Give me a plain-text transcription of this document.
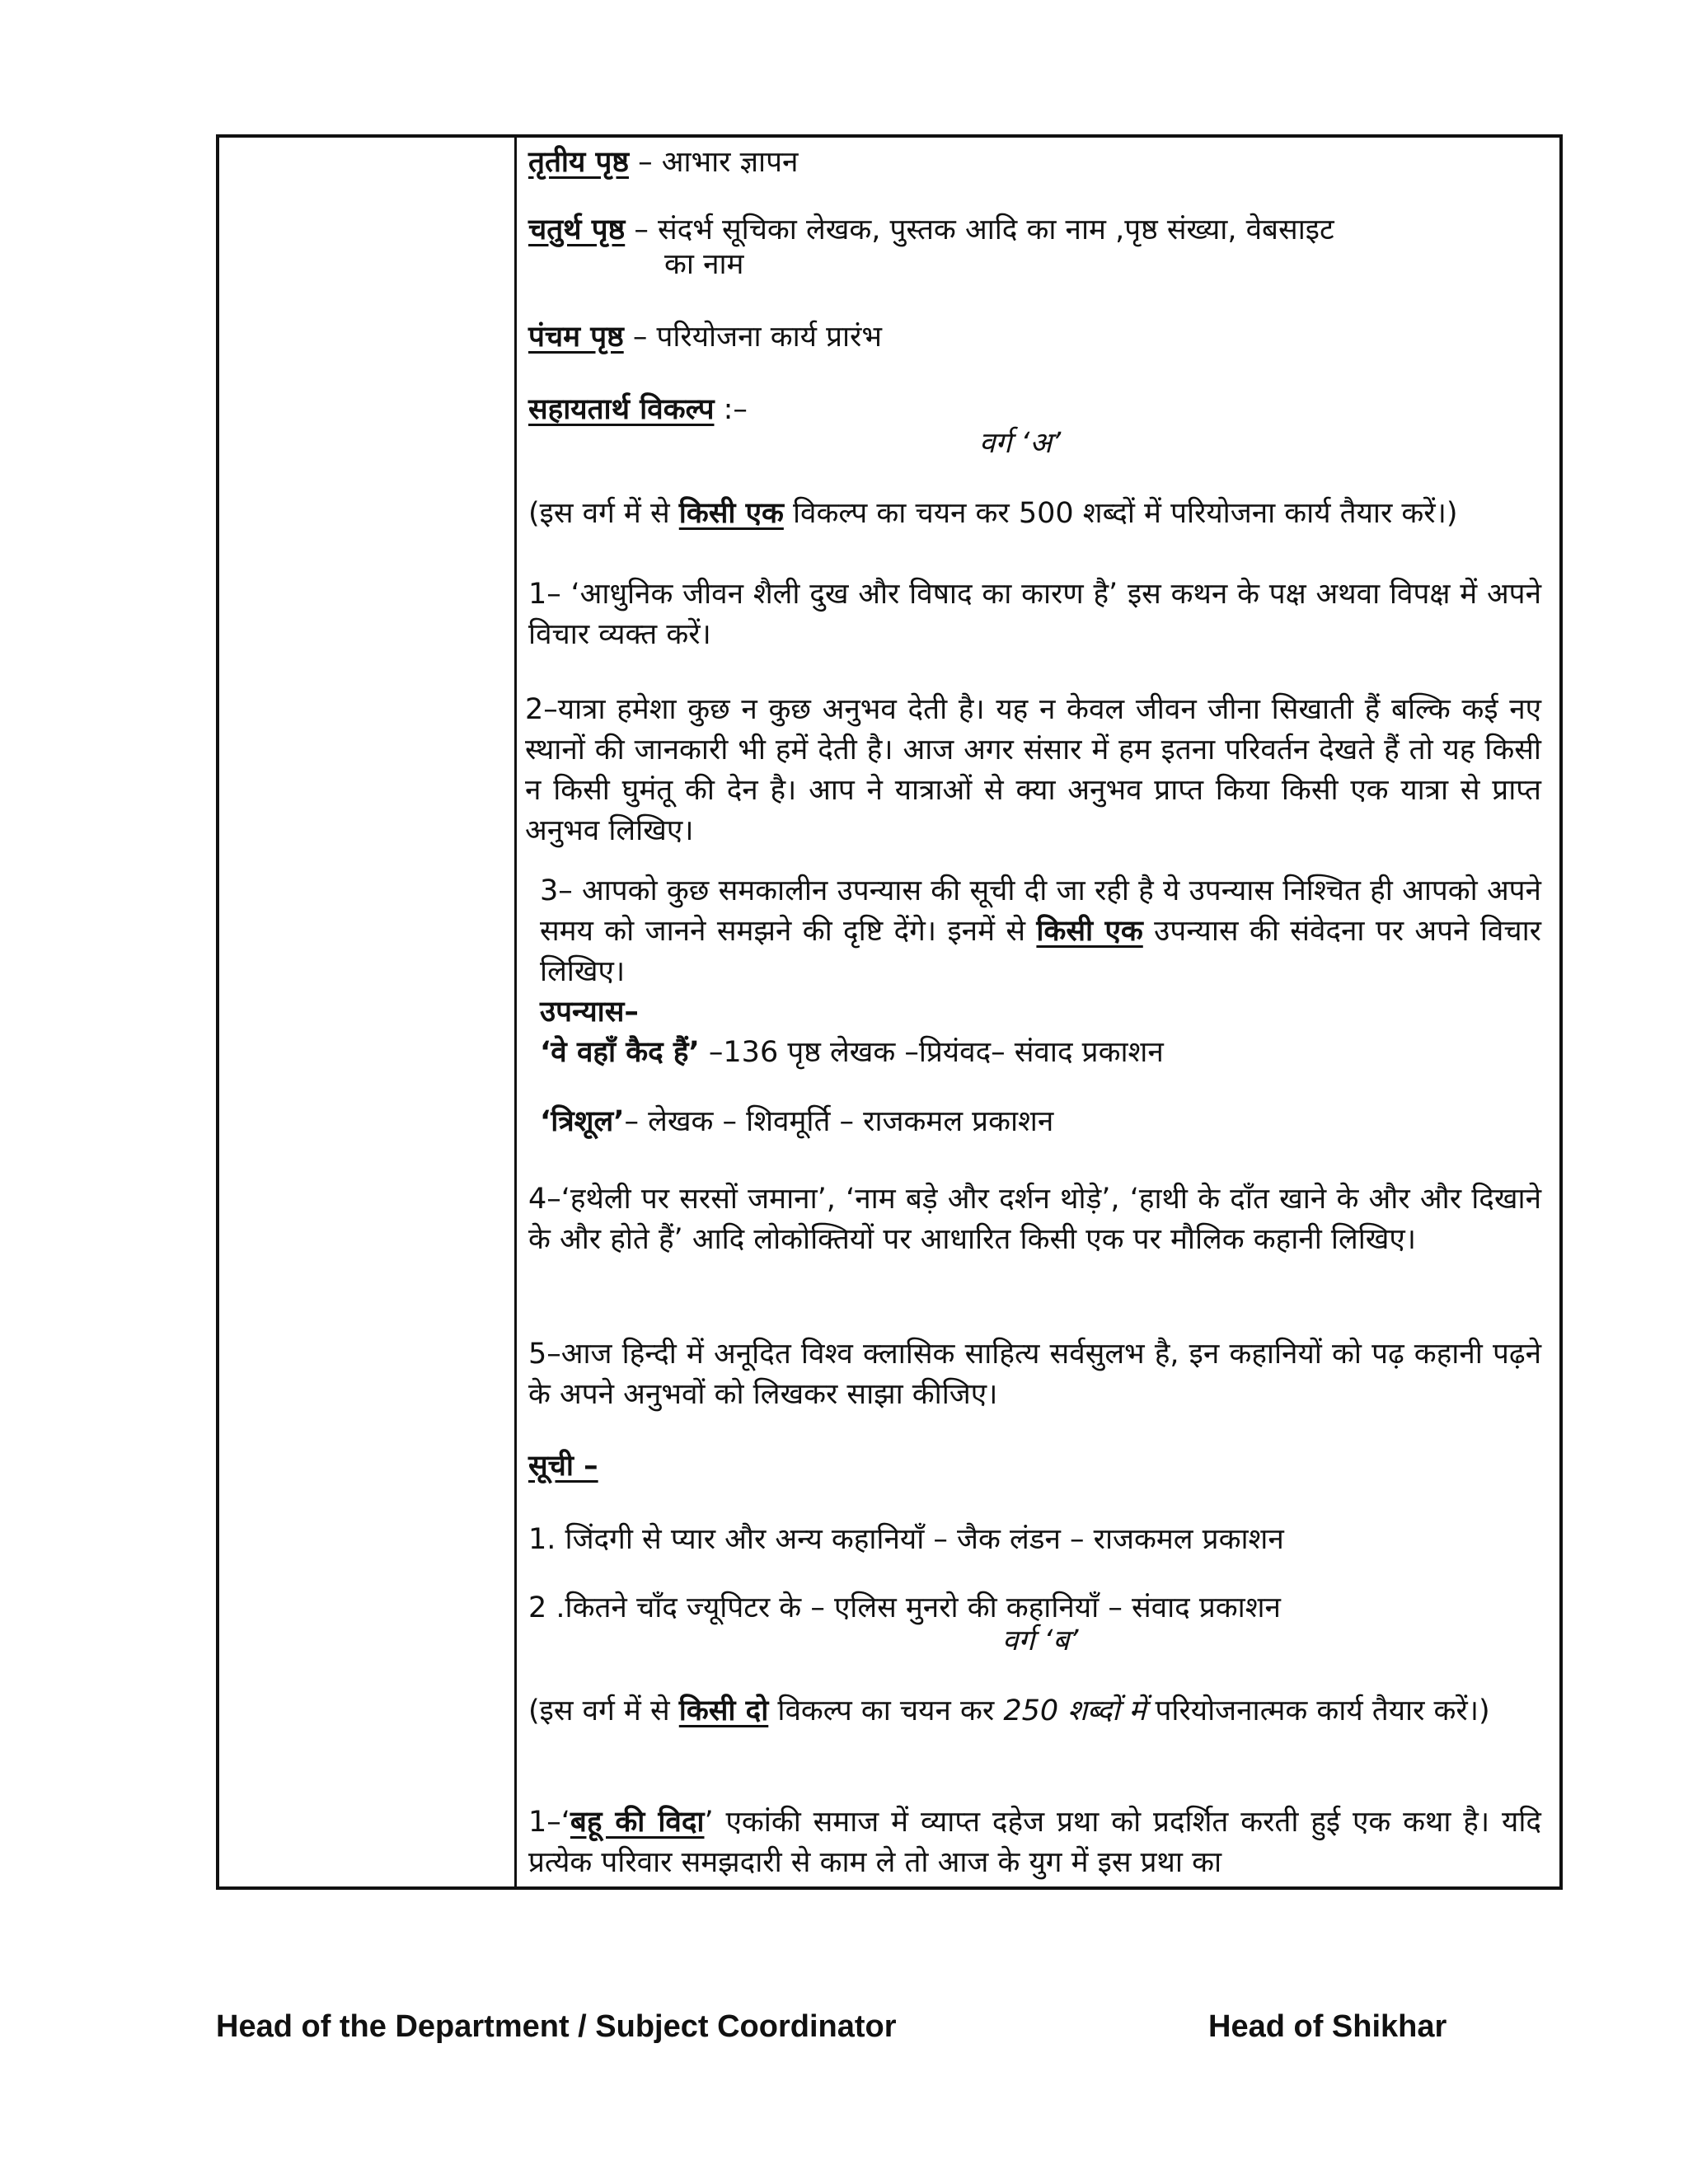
तृतीय पृष्ठ – आभार ज्ञापन

चतुर्थ पृष्ठ – संदर्भ सूचिका लेखक, पुस्तक आदि का नाम ,पृष्ठ संख्या, वेबसाइट

का नाम

पंचम पृष्ठ – परियोजना कार्य प्रारंभ

सहायतार्थ विकल्प :–

वर्ग ‘अ’

(इस वर्ग में से किसी एक विकल्प का चयन कर 500 शब्दों में परियोजना कार्य तैयार करें।)

1– ‘आधुनिक जीवन शैली दुख और विषाद का कारण है’ इस कथन के पक्ष अथवा विपक्ष में अपने विचार व्यक्त करें।

2–यात्रा हमेशा कुछ न कुछ अनुभव देती है। यह न केवल जीवन जीना सिखाती हैं बल्कि कई नए स्थानों की जानकारी भी हमें देती है। आज अगर संसार में हम इतना परिवर्तन देखते हैं तो यह किसी न किसी घुमंतू की देन है। आप ने यात्राओं से क्या अनुभव प्राप्त किया किसी एक यात्रा से प्राप्त अनुभव लिखिए।

3– आपको कुछ समकालीन उपन्यास की सूची दी जा रही है ये उपन्यास निश्चित ही आपको अपने समय को जानने समझने की दृष्टि देंगे। इनमें से किसी एक उपन्यास की संवेदना पर अपने विचार लिखिए।

उपन्यास–

‘वे वहाँ कैद हैं’ –136 पृष्ठ लेखक –प्रियंवद– संवाद प्रकाशन

‘त्रिशूल’– लेखक – शिवमूर्ति – राजकमल प्रकाशन

4–‘हथेली पर सरसों जमाना’, ‘नाम बड़े और दर्शन थोड़े’, ‘हाथी के दाँत खाने के और और दिखाने के और होते हैं’ आदि लोकोक्तियों पर आधारित किसी एक पर मौलिक कहानी लिखिए।

5–आज हिन्दी में अनूदित विश्व क्लासिक साहित्य सर्वसुलभ है, इन कहानियों को पढ़ कहानी पढ़ने के अपने अनुभवों को लिखकर साझा कीजिए।

सूची –

1. जिंदगी से प्यार और अन्य कहानियाँ – जैक लंडन – राजकमल प्रकाशन

2 .कितने चाँद ज्यूपिटर के – एलिस मुनरो की कहानियाँ – संवाद प्रकाशन

वर्ग ‘ब’

(इस वर्ग में से किसी दो विकल्प का चयन कर 250 शब्दों में परियोजनात्मक कार्य तैयार करें।)

1–‘बहू की विदा’ एकांकी समाज में व्याप्त दहेज प्रथा को प्रदर्शित करती हुई एक कथा है। यदि प्रत्येक परिवार समझदारी से काम ले तो आज के युग में इस प्रथा का

Head of the Department / Subject Coordinator	Head of Shikhar
